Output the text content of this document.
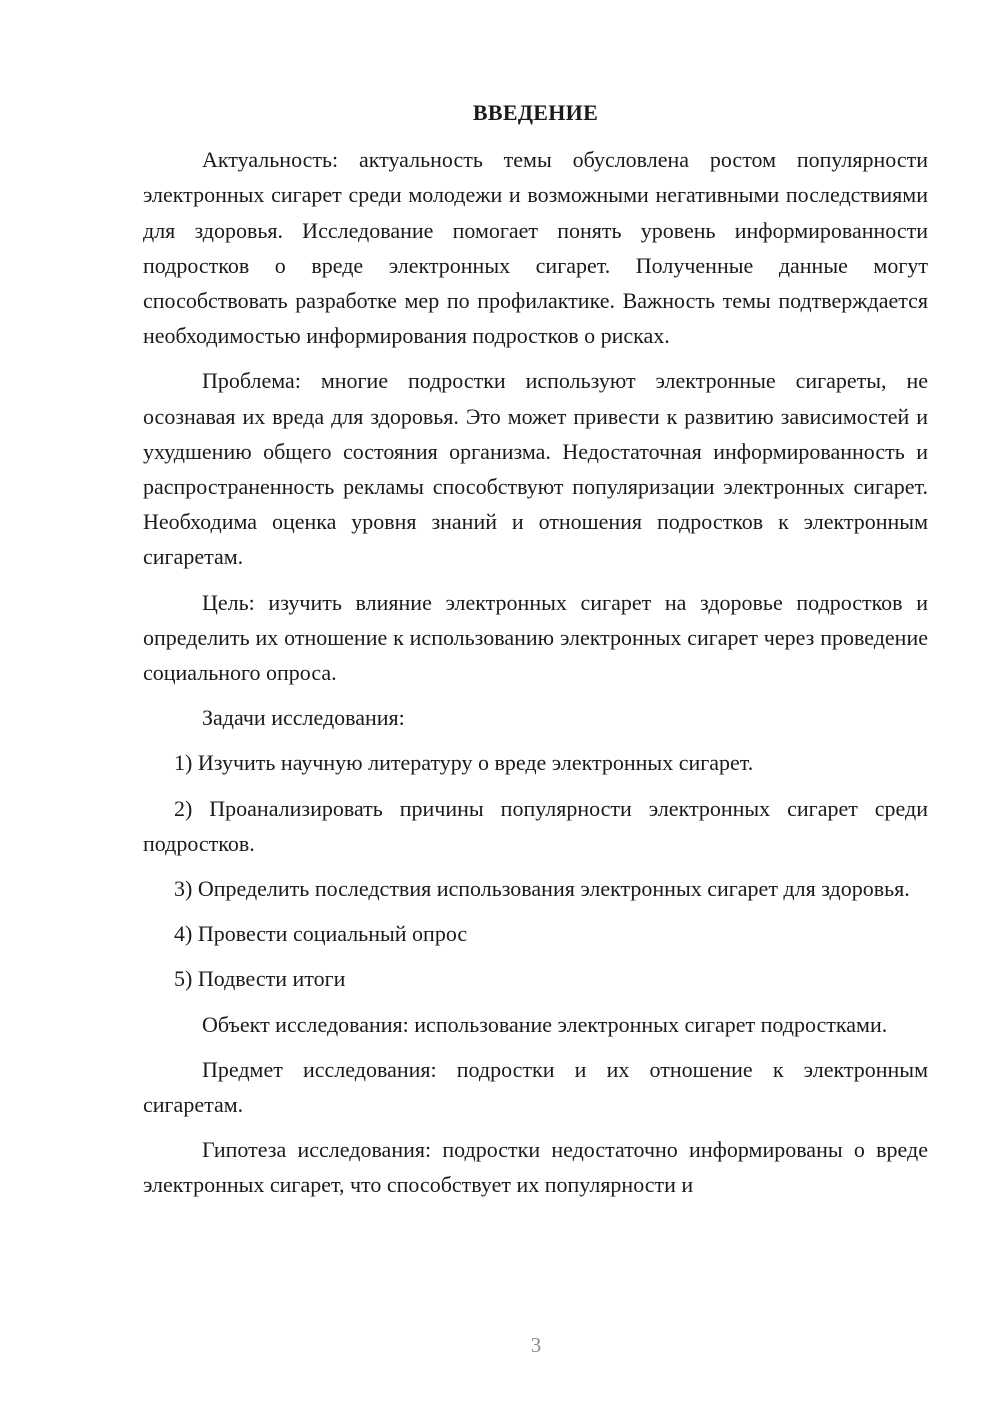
ВВЕДЕНИЕ

Актуальность: актуальность темы обусловлена ростом популярности электронных сигарет среди молодежи и возможными негативными последствиями для здоровья. Исследование помогает понять уровень информированности подростков о вреде электронных сигарет. Полученные данные могут способствовать разработке мер по профилактике. Важность темы подтверждается необходимостью информирования подростков о рисках.

Проблема: многие подростки используют электронные сигареты, не осознавая их вреда для здоровья. Это может привести к развитию зависимостей и ухудшению общего состояния организма. Недостаточная информированность и распространенность рекламы способствуют популяризации электронных сигарет. Необходима оценка уровня знаний и отношения подростков к электронным сигаретам.

Цель: изучить влияние электронных сигарет на здоровье подростков и определить их отношение к использованию электронных сигарет через проведение социального опроса.

Задачи исследования:

1) Изучить научную литературу о вреде электронных сигарет.

2) Проанализировать причины популярности электронных сигарет среди подростков.

3) Определить последствия использования электронных сигарет для здоровья.

4) Провести социальный опрос

5) Подвести итоги

Объект исследования: использование электронных сигарет подростками.

Предмет исследования: подростки и их отношение к электронным сигаретам.

Гипотеза исследования: подростки недостаточно информированы о вреде электронных сигарет, что способствует их популярности и

3
